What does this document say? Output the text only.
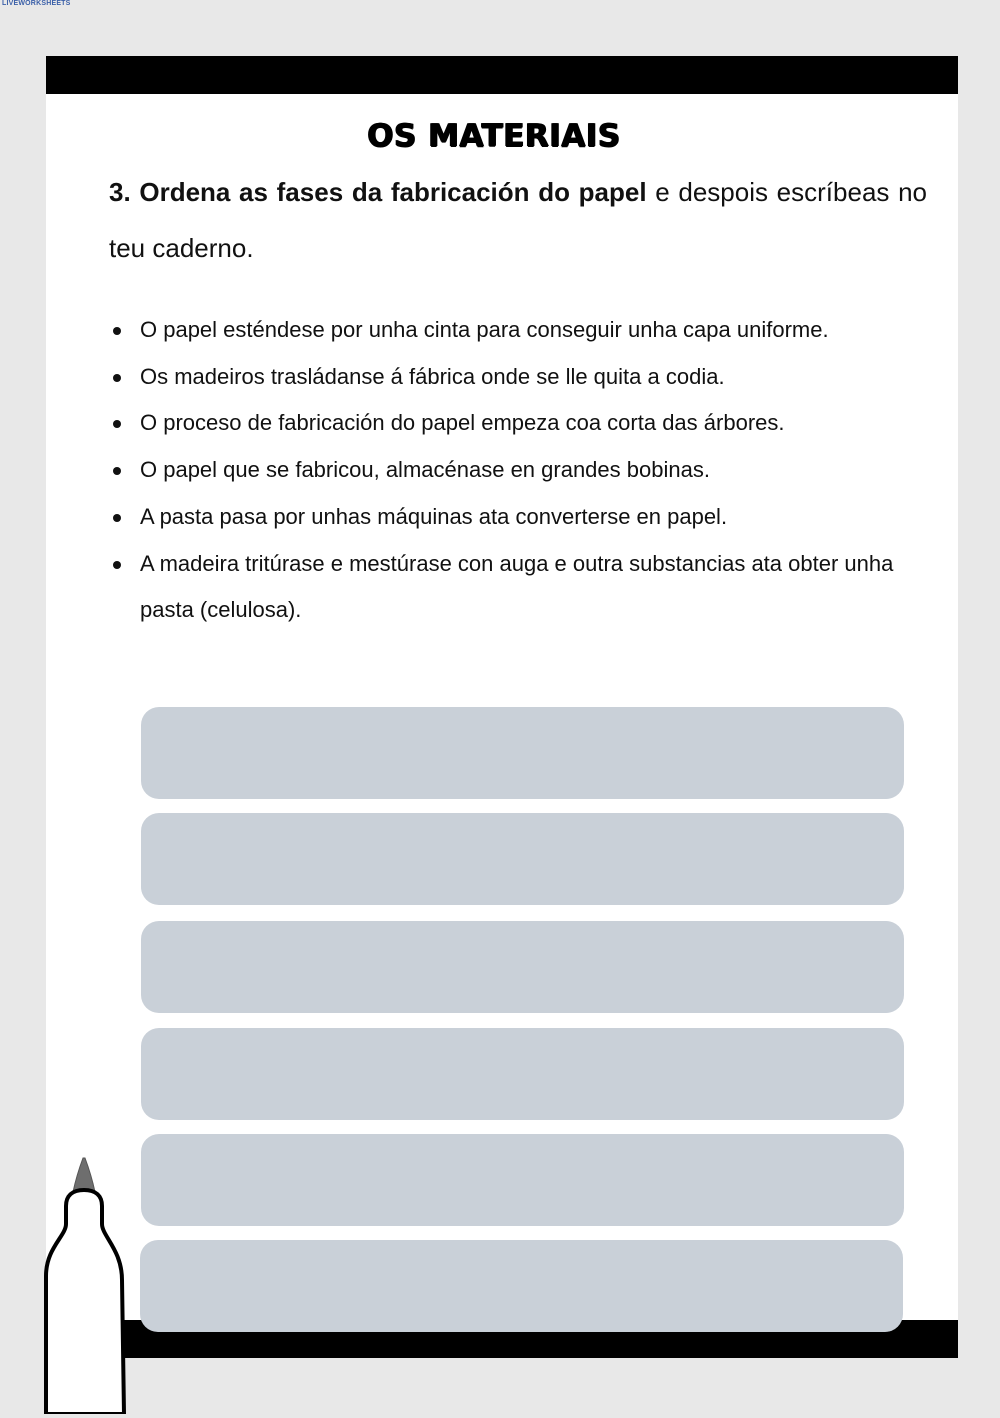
LIVEWORKSHEETS
OS MATERIAIS
3. Ordena as fases da fabricación do papel e despois escríbeas no teu caderno.
O papel esténdese por unha cinta para conseguir unha capa uniforme.
Os madeiros trasládanse á fábrica onde se lle quita a codia.
O proceso de fabricación do papel empeza coa corta das árbores.
O papel que se fabricou, almacénase en grandes bobinas.
A pasta pasa por unhas máquinas ata converterse en papel.
A madeira tritúrase e mestúrase con auga e outra substancias ata obter unha pasta (celulosa).
